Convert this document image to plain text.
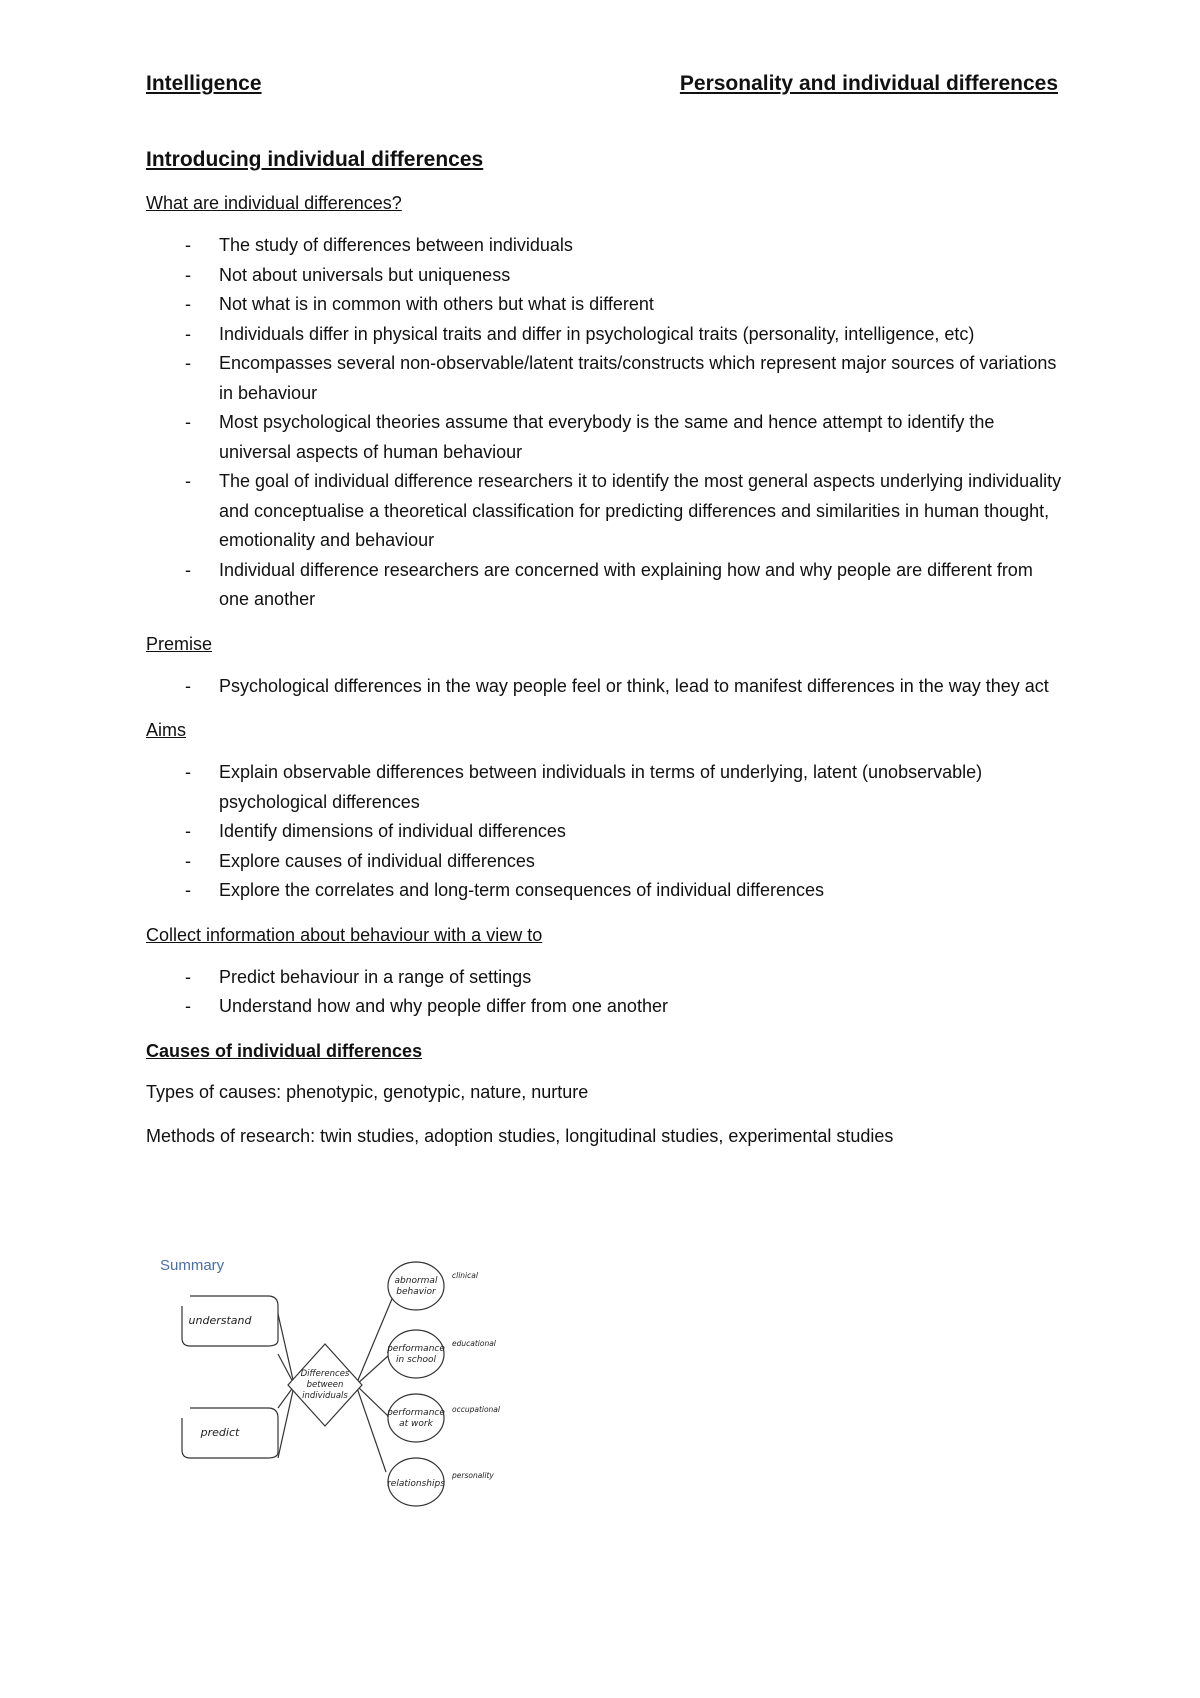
Intelligence	Personality and individual differences
Introducing individual differences
What are individual differences?
- The study of differences between individuals
- Not about universals but uniqueness
- Not what is in common with others but what is different
- Individuals differ in physical traits and differ in psychological traits (personality, intelligence, etc)
- Encompasses several non-observable/latent traits/constructs which represent major sources of variations in behaviour
- Most psychological theories assume that everybody is the same and hence attempt to identify the universal aspects of human behaviour
- The goal of individual difference researchers it to identify the most general aspects underlying individuality and conceptualise a theoretical classification for predicting differences and similarities in human thought, emotionality and behaviour
- Individual difference researchers are concerned with explaining how and why people are different from one another
Premise
- Psychological differences in the way people feel or think, lead to manifest differences in the way they act
Aims
- Explain observable differences between individuals in terms of underlying, latent (unobservable) psychological differences
- Identify dimensions of individual differences
- Explore causes of individual differences
- Explore the correlates and long-term consequences of individual differences
Collect information about behaviour with a view to
- Predict behaviour in a range of settings
- Understand how and why people differ from one another
Causes of individual differences
Types of causes: phenotypic, genotypic, nature, nurture
Methods of research: twin studies, adoption studies, longitudinal studies, experimental studies
Summary
understand
predict
Differences
between
individuals
abnormal
behavior
clinical
performance
in school
educational
performance
at work
occupational
relationships
personality
